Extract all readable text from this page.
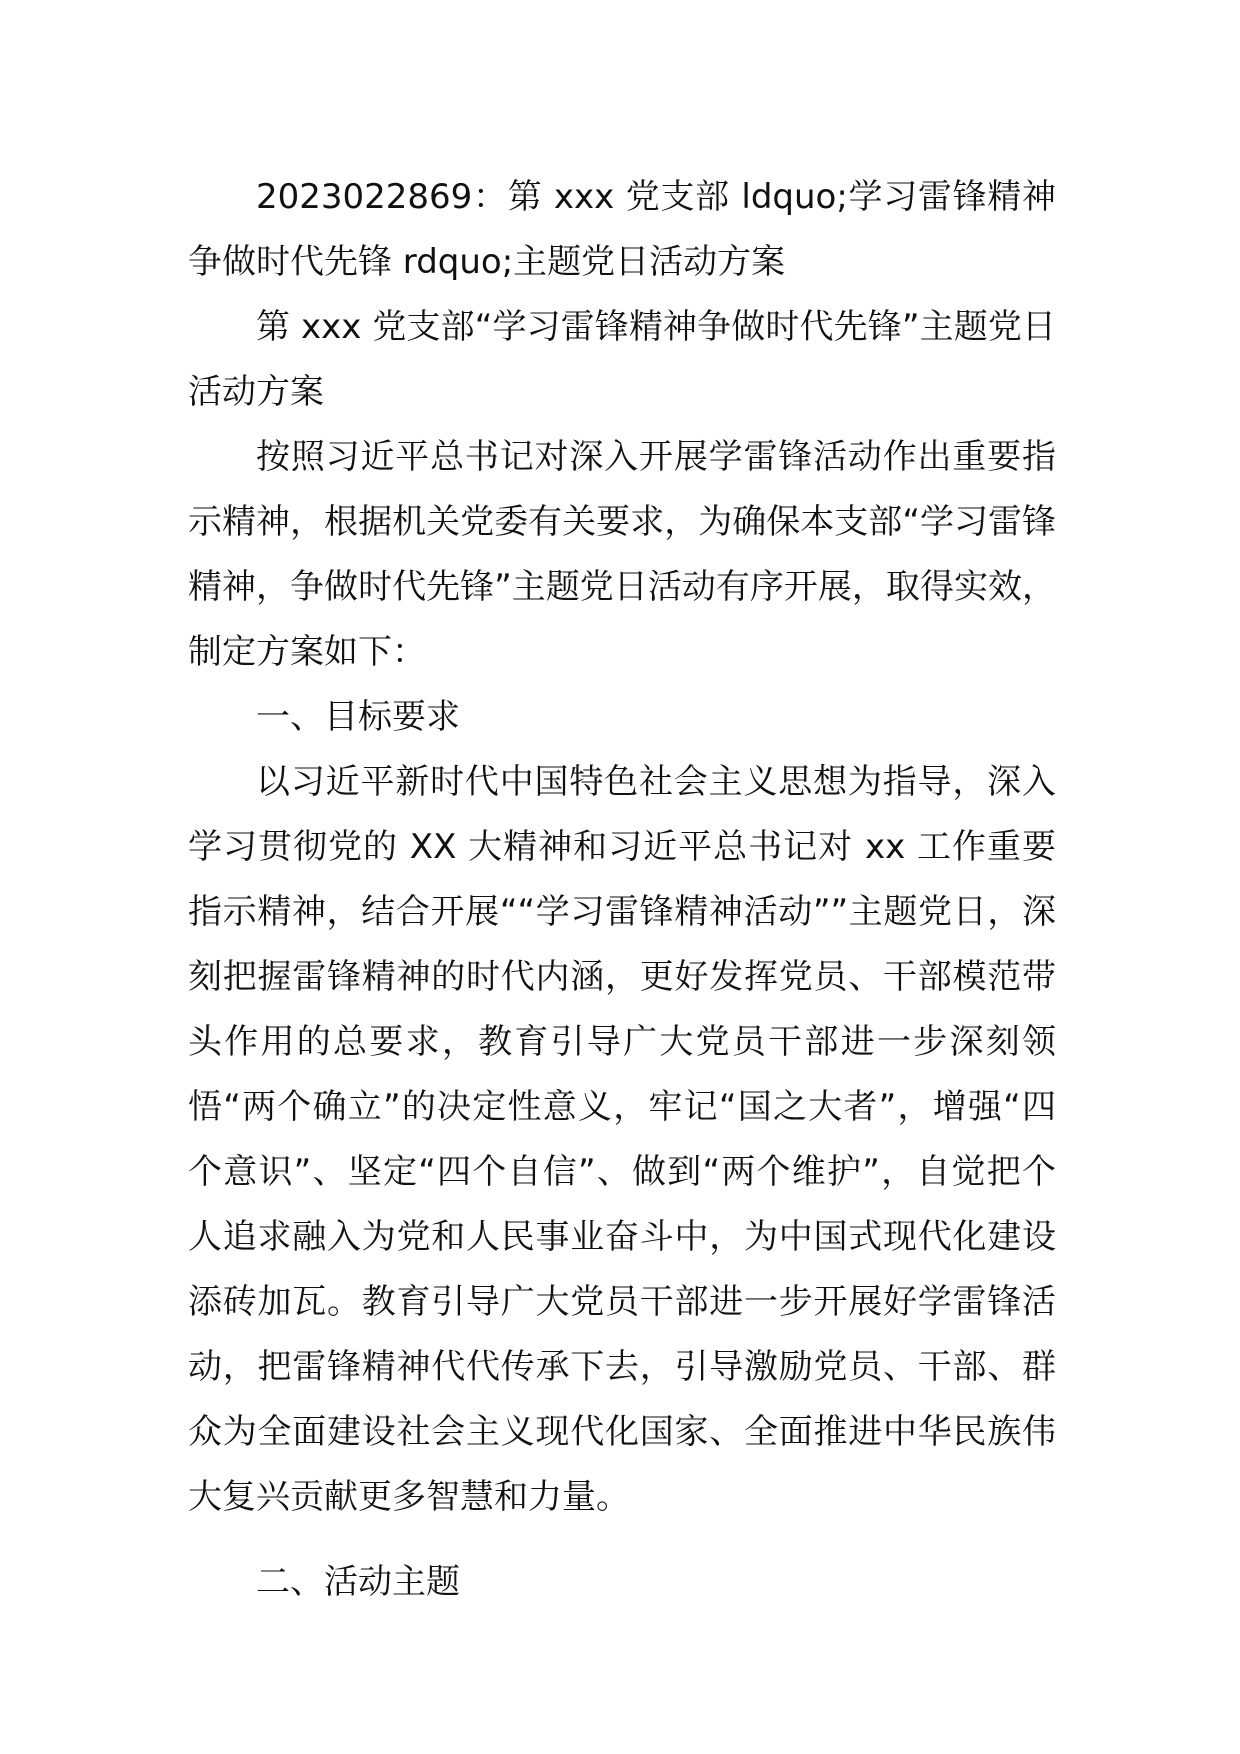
2023022869：第 xxx 党支部 ldquo;学习雷锋精神争做时代先锋 rdquo;主题党日活动方案

第 xxx 党支部“学习雷锋精神争做时代先锋”主题党日活动方案

按照习近平总书记对深入开展学雷锋活动作出重要指示精神，根据机关党委有关要求，为确保本支部“学习雷锋精神，争做时代先锋”主题党日活动有序开展，取得实效，制定方案如下：

一、目标要求

以习近平新时代中国特色社会主义思想为指导，深入学习贯彻党的 XX 大精神和习近平总书记对 xx 工作重要指示精神，结合开展““学习雷锋精神活动””主题党日，深刻把握雷锋精神的时代内涵，更好发挥党员、干部模范带头作用的总要求，教育引导广大党员干部进一步深刻领悟“两个确立”的决定性意义，牢记“国之大者”，增强“四个意识”、坚定“四个自信”、做到“两个维护”，自觉把个人追求融入为党和人民事业奋斗中，为中国式现代化建设添砖加瓦。教育引导广大党员干部进一步开展好学雷锋活动，把雷锋精神代代传承下去，引导激励党员、干部、群众为全面建设社会主义现代化国家、全面推进中华民族伟大复兴贡献更多智慧和力量。

二、活动主题
